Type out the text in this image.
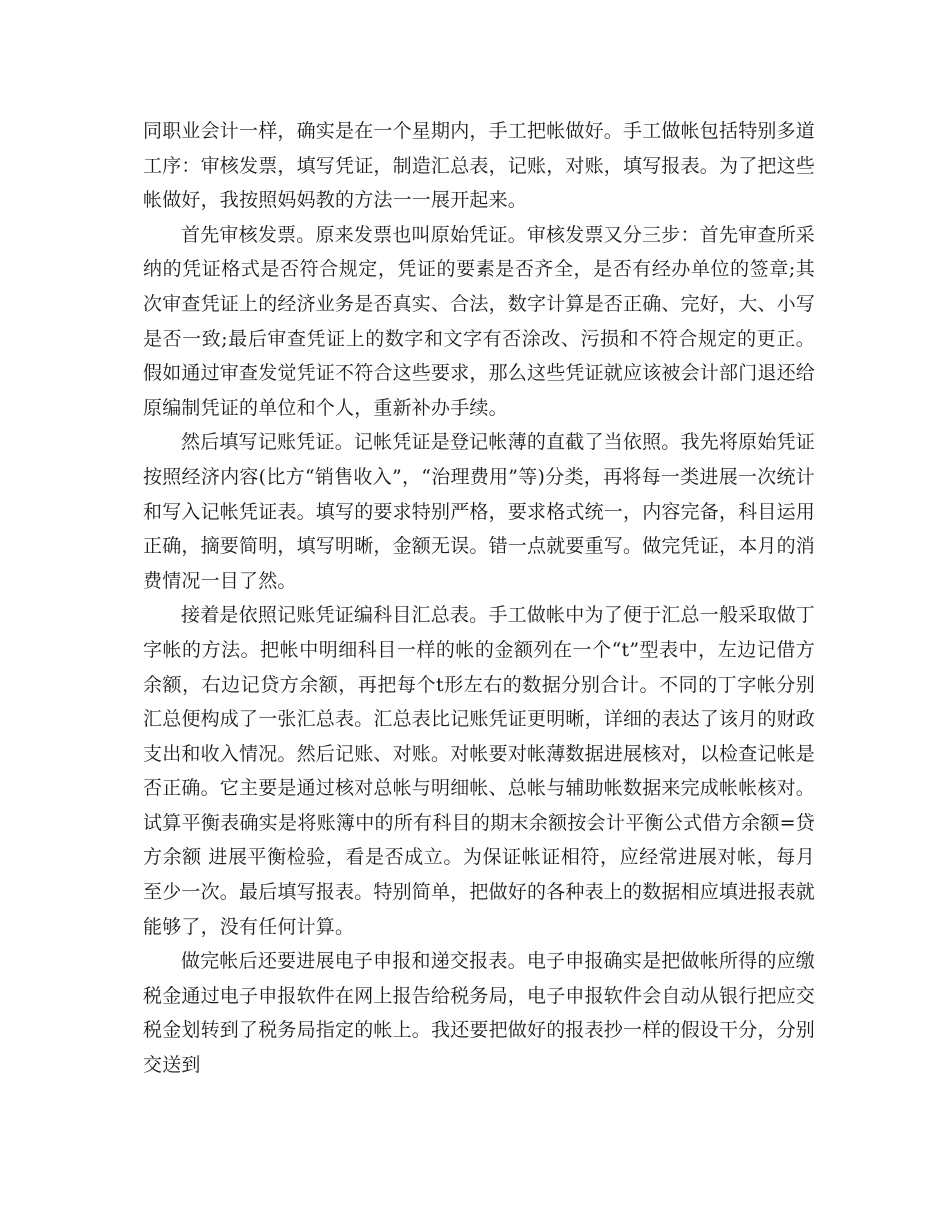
同职业会计一样，确实是在一个星期内，手工把帐做好。手工做帐包括特别多道工序：审核发票，填写凭证，制造汇总表，记账，对账，填写报表。为了把这些帐做好，我按照妈妈教的方法一一展开起来。

首先审核发票。原来发票也叫原始凭证。审核发票又分三步：首先审查所采纳的凭证格式是否符合规定，凭证的要素是否齐全，是否有经办单位的签章;其次审查凭证上的经济业务是否真实、合法，数字计算是否正确、完好，大、小写是否一致;最后审查凭证上的数字和文字有否涂改、污损和不符合规定的更正。假如通过审查发觉凭证不符合这些要求，那么这些凭证就应该被会计部门退还给原编制凭证的单位和个人，重新补办手续。

然后填写记账凭证。记帐凭证是登记帐薄的直截了当依照。我先将原始凭证按照经济内容(比方“销售收入”，“治理费用”等)分类，再将每一类进展一次统计和写入记帐凭证表。填写的要求特别严格，要求格式统一，内容完备，科目运用正确，摘要简明，填写明晰，金额无误。错一点就要重写。做完凭证，本月的消费情况一目了然。

接着是依照记账凭证编科目汇总表。手工做帐中为了便于汇总一般采取做丁字帐的方法。把帐中明细科目一样的帐的金额列在一个“t”型表中，左边记借方余额，右边记贷方余额，再把每个t形左右的数据分别合计。不同的丁字帐分别汇总便构成了一张汇总表。汇总表比记账凭证更明晰，详细的表达了该月的财政支出和收入情况。然后记账、对账。对帐要对帐薄数据进展核对，以检查记帐是否正确。它主要是通过核对总帐与明细帐、总帐与辅助帐数据来完成帐帐核对。试算平衡表确实是将账簿中的所有科目的期末余额按会计平衡公式借方余额=贷方余额 进展平衡检验，看是否成立。为保证帐证相符，应经常进展对帐，每月至少一次。最后填写报表。特别简单，把做好的各种表上的数据相应填进报表就能够了，没有任何计算。

做完帐后还要进展电子申报和递交报表。电子申报确实是把做帐所得的应缴税金通过电子申报软件在网上报告给税务局，电子申报软件会自动从银行把应交税金划转到了税务局指定的帐上。我还要把做好的报表抄一样的假设干分，分别交送到
